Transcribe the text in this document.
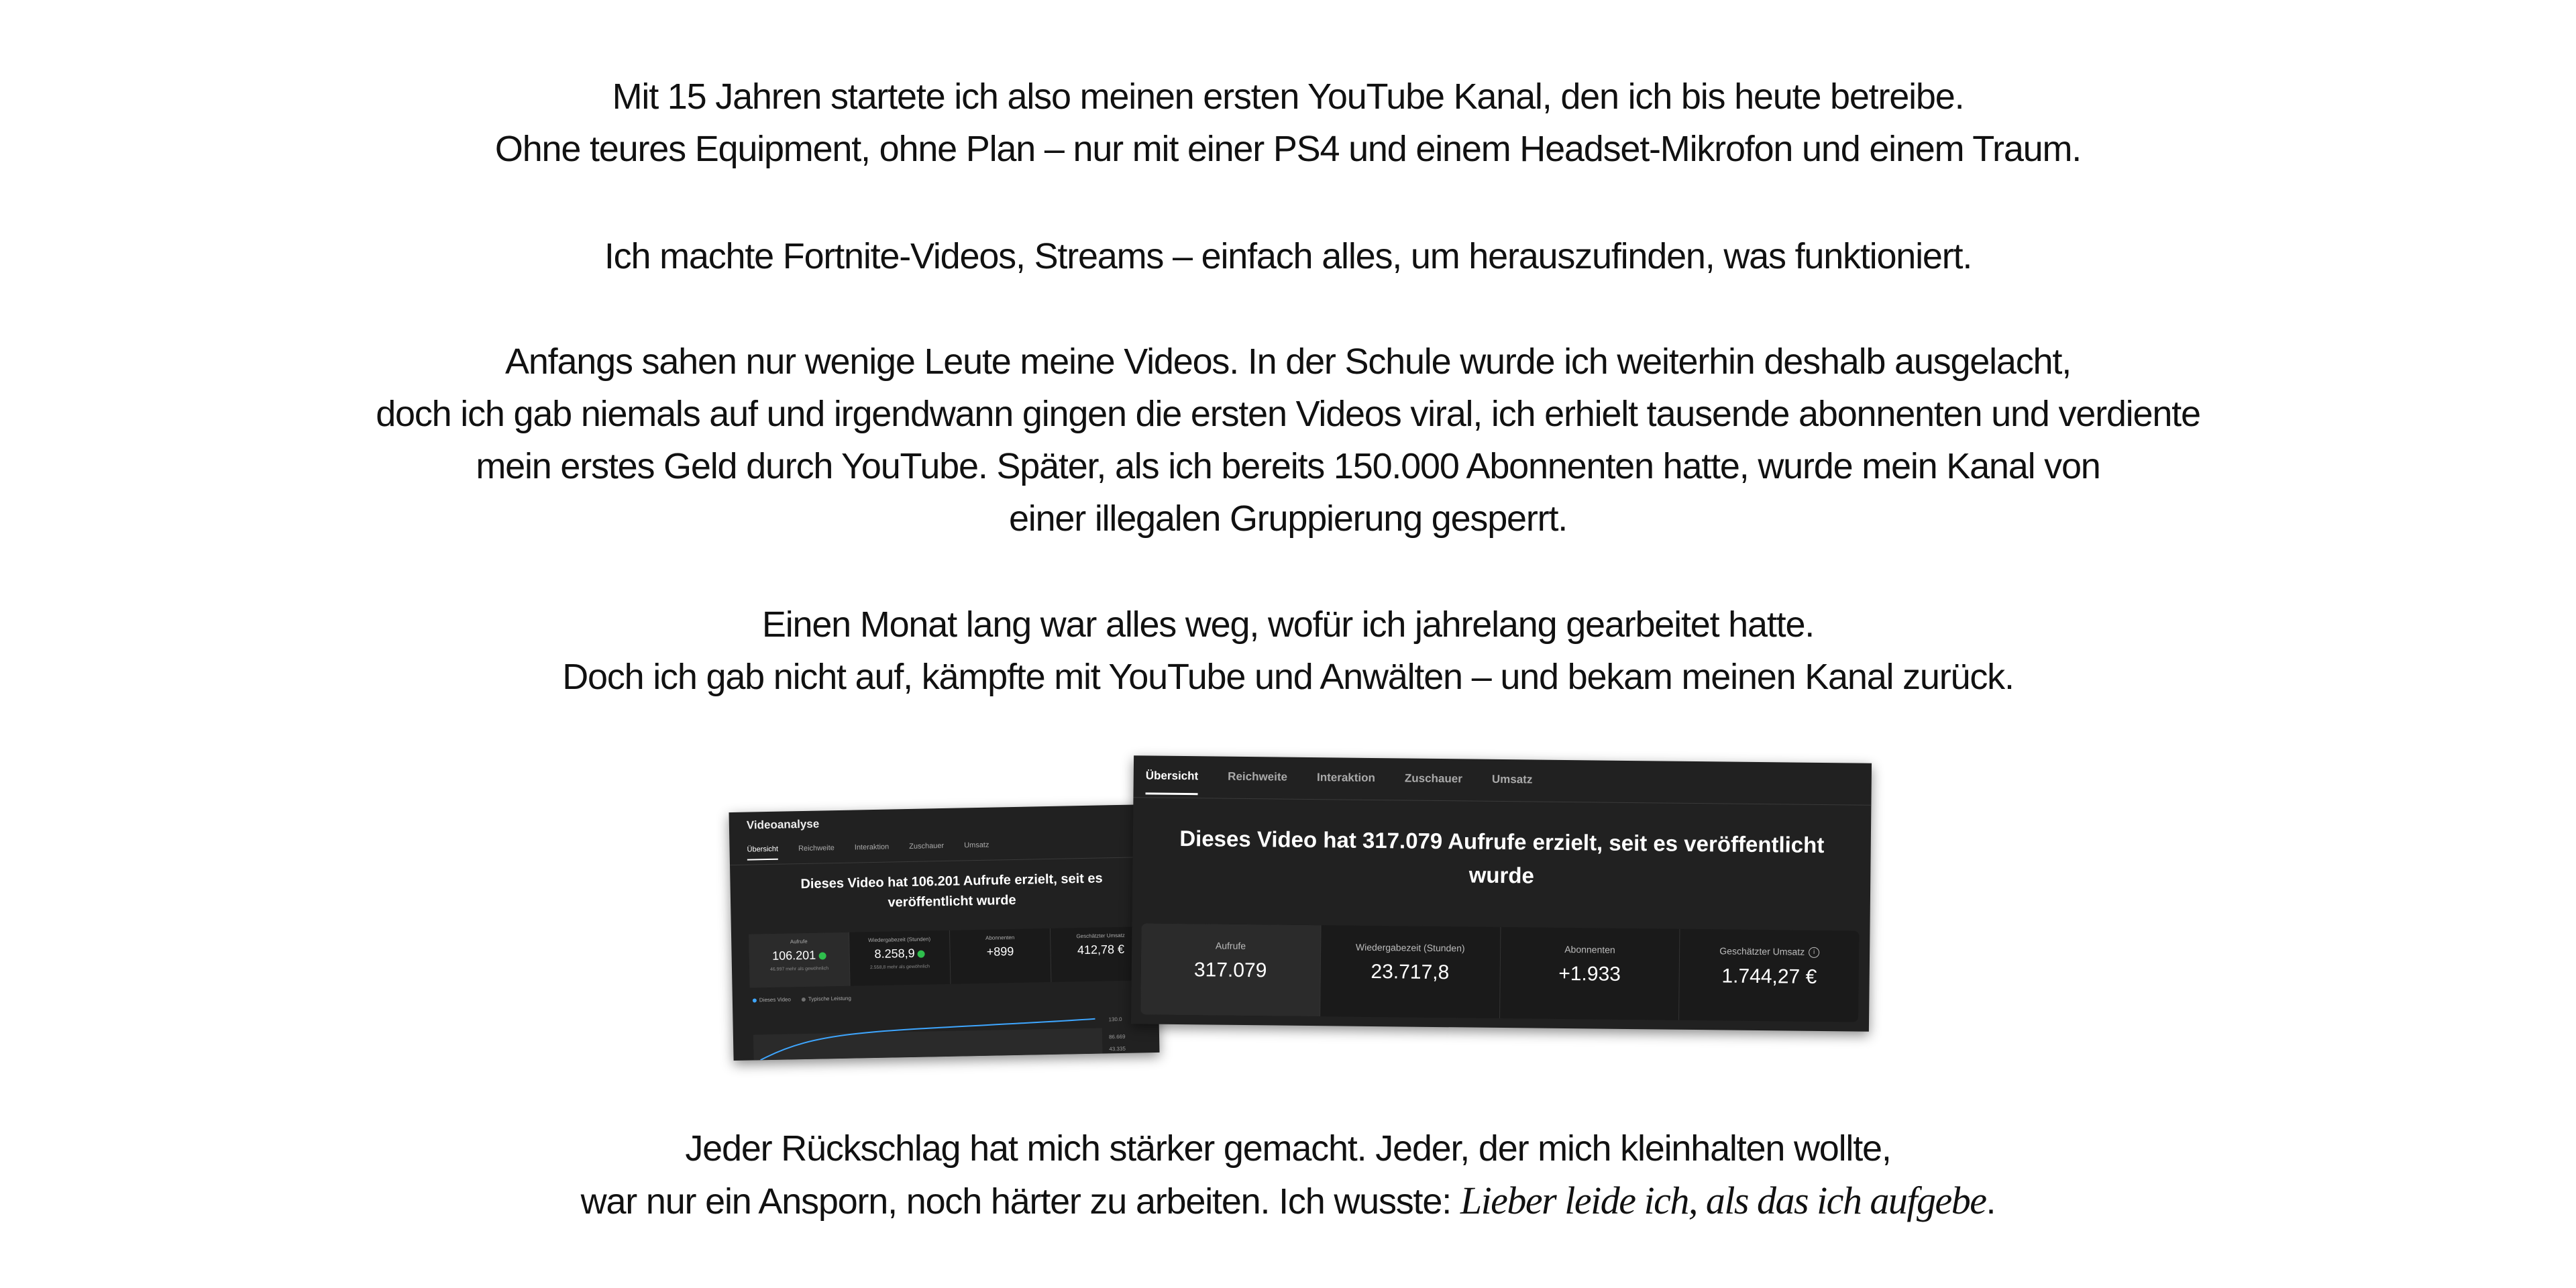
Mit 15 Jahren startete ich also meinen ersten YouTube Kanal, den ich bis heute betreibe.
Ohne teures Equipment, ohne Plan – nur mit einer PS4 und einem Headset-Mikrofon und einem Traum.
Ich machte Fortnite-Videos, Streams – einfach alles, um herauszufinden, was funktioniert.
Anfangs sahen nur wenige Leute meine Videos. In der Schule wurde ich weiterhin deshalb ausgelacht,
doch ich gab niemals auf und irgendwann gingen die ersten Videos viral, ich erhielt tausende abonnenten und verdiente
mein erstes Geld durch YouTube. Später, als ich bereits 150.000 Abonnenten hatte, wurde mein Kanal von
einer illegalen Gruppierung gesperrt.
Einen Monat lang war alles weg, wofür ich jahrelang gearbeitet hatte.
Doch ich gab nicht auf, kämpfte mit YouTube und Anwälten – und bekam meinen Kanal zurück.
Videoanalyse
Übersicht	Reichweite	Interaktion	Zuschauer	Umsatz
Dieses Video hat 106.201 Aufrufe erzielt, seit es veröffentlicht wurde
Aufrufe
106.201
46.997 mehr als gewöhnlich
Wiedergabezeit (Stunden)
8.258,9
2.558,8 mehr als gewöhnlich
Abonnenten
+899
Geschätzter Umsatz
412,78 €
Dieses Video	Typische Leistung
130.0
86.669
43.335
Übersicht	Reichweite	Interaktion	Zuschauer	Umsatz
Dieses Video hat 317.079 Aufrufe erzielt, seit es veröffentlicht wurde
Aufrufe
317.079
Wiedergabezeit (Stunden)
23.717,8
Abonnenten
+1.933
Geschätzter Umsatz i
1.744,27 €
Jeder Rückschlag hat mich stärker gemacht. Jeder, der mich kleinhalten wollte,
war nur ein Ansporn, noch härter zu arbeiten. Ich wusste: Lieber leide ich, als das ich aufgebe.
